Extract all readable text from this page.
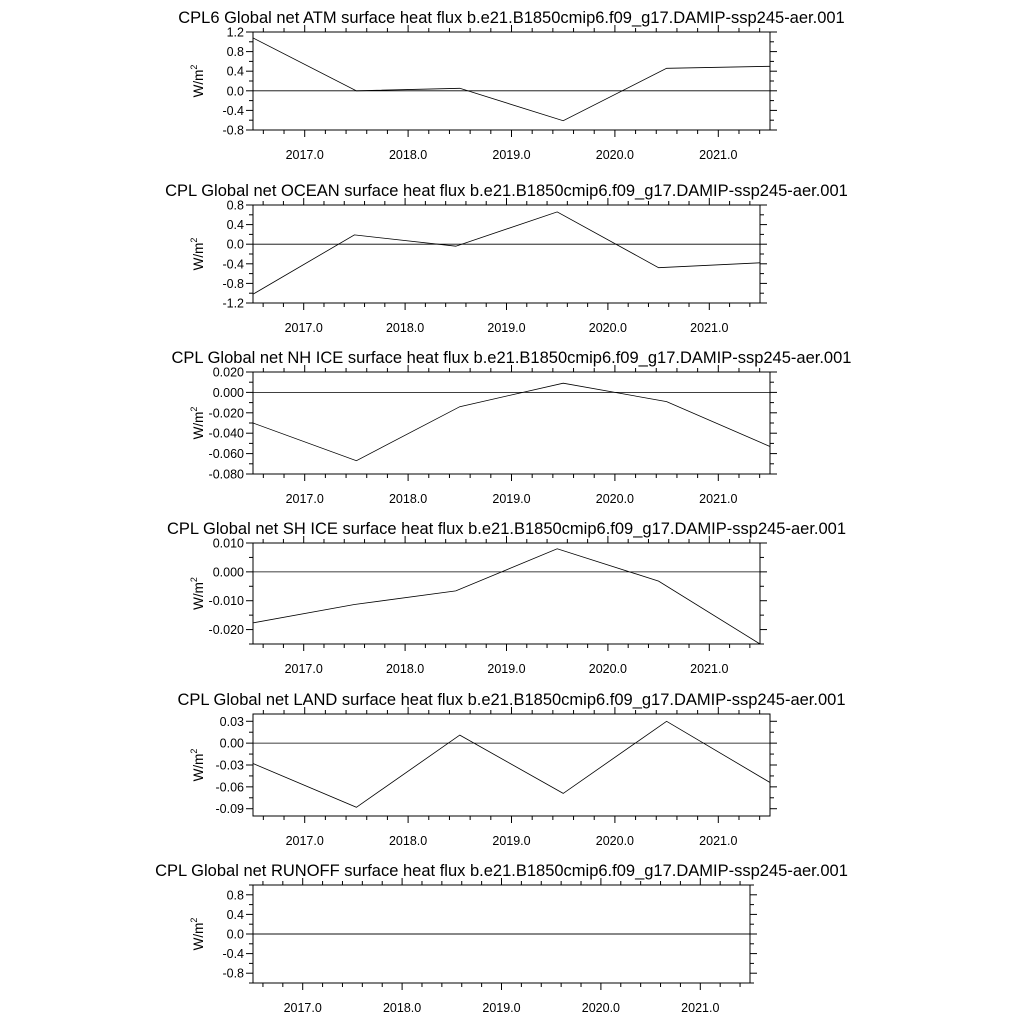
CPL6 Global net ATM surface heat flux b.e21.B1850cmip6.f09_g17.DAMIP-ssp245-aer.001
2017.0	2018.0	2019.0	2020.0	2021.0
1.2
0.8
0.4
0.0
-0.4
-0.8
$W/m^2$
CPL Global net OCEAN surface heat flux b.e21.B1850cmip6.f09_g17.DAMIP-ssp245-aer.001
2017.0	2018.0	2019.0	2020.0	2021.0
0.8
0.4
0.0
-0.4
-0.8
-1.2
$W/m^2$
CPL Global net NH ICE surface heat flux b.e21.B1850cmip6.f09_g17.DAMIP-ssp245-aer.001
2017.0	2018.0	2019.0	2020.0	2021.0
0.020
0.000
-0.020
-0.040
-0.060
-0.080
$W/m^2$
CPL Global net SH ICE surface heat flux b.e21.B1850cmip6.f09_g17.DAMIP-ssp245-aer.001
2017.0	2018.0	2019.0	2020.0	2021.0
0.010
0.000
-0.010
-0.020
$W/m^2$
CPL Global net LAND surface heat flux b.e21.B1850cmip6.f09_g17.DAMIP-ssp245-aer.001
2017.0	2018.0	2019.0	2020.0	2021.0
0.03
0.00
-0.03
-0.06
-0.09
$W/m^2$
CPL Global net RUNOFF surface heat flux b.e21.B1850cmip6.f09_g17.DAMIP-ssp245-aer.001
2017.0	2018.0	2019.0	2020.0	2021.0
0.8
0.4
0.0
-0.4
-0.8
$W/m^2$
